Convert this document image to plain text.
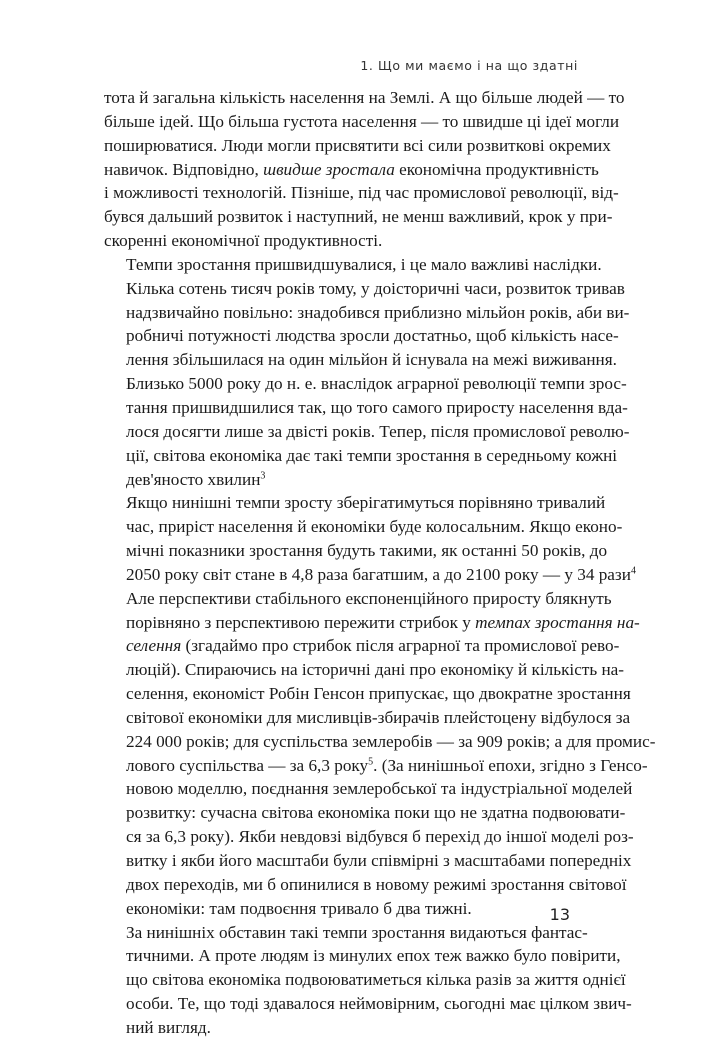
1. Що ми маємо і на що здатні

тота й загальна кількість населення на Землі. А що більше людей — то
більше ідей. Що більша густота населення — то швидше ці ідеї могли
поширюватися. Люди могли присвятити всі сили розвиткові окремих
навичок. Відповідно, швидше зростала економічна продуктивність
і можливості технологій. Пізніше, під час промислової революції, від-
бувся дальший розвиток і наступний, не менш важливий, крок у при-
скоренні економічної продуктивності.

Темпи зростання пришвидшувалися, і це мало важливі наслідки.
Кілька сотень тисяч років тому, у доісторичні часи, розвиток тривав
надзвичайно повільно: знадобився приблизно мільйон років, аби ви-
робничі потужності людства зросли достатньо, щоб кількість насе-
лення збільшилася на один мільйон й існувала на межі виживання.
Близько 5000 року до н. е. внаслідок аграрної революції темпи зрос-
тання пришвидшилися так, що того самого приросту населення вда-
лося досягти лише за двісті років. Тепер, після промислової револю-
ції, світова економіка дає такі темпи зростання в середньому кожні
дев'яносто хвилин$^3$

Якщо нинішні темпи зросту зберігатимуться порівняно тривалий
час, приріст населення й економіки буде колосальним. Якщо еконо-
мічні показники зростання будуть такими, як останні 50 років, до
2050 року світ стане в 4,8 раза багатшим, а до 2100 року — у 34 рази$^4$

Але перспективи стабільного експоненційного приросту блякнуть
порівняно з перспективою пережити стрибок у темпах зростання на-
селення (згадаймо про стрибок після аграрної та промислової рево-
люцій). Спираючись на історичні дані про економіку й кількість на-
селення, економіст Робін Генсон припускає, що двократне зростання
світової економіки для мисливців-збирачів плейстоцену відбулося за
224 000 років; для суспільства землеробів — за 909 років; а для промис-
лового суспільства — за 6,3 року$^5$. (За нинішньої епохи, згідно з Генсо-
новою моделлю, поєднання землеробської та індустріальної моделей
розвитку: сучасна світова економіка поки що не здатна подвоювати-
ся за 6,3 року). Якби невдовзі відбувся б перехід до іншої моделі роз-
витку і якби його масштаби були співмірні з масштабами попередніх
двох переходів, ми б опинилися в новому режимі зростання світової
економіки: там подвоєння тривало б два тижні.

За нинішніх обставин такі темпи зростання видаються фантас-
тичними. А проте людям із минулих епох теж важко було повірити,
що світова економіка подвоюватиметься кілька разів за життя однієї
особи. Те, що тоді здавалося неймовірним, сьогодні має цілком звич-
ний вигляд.

13
